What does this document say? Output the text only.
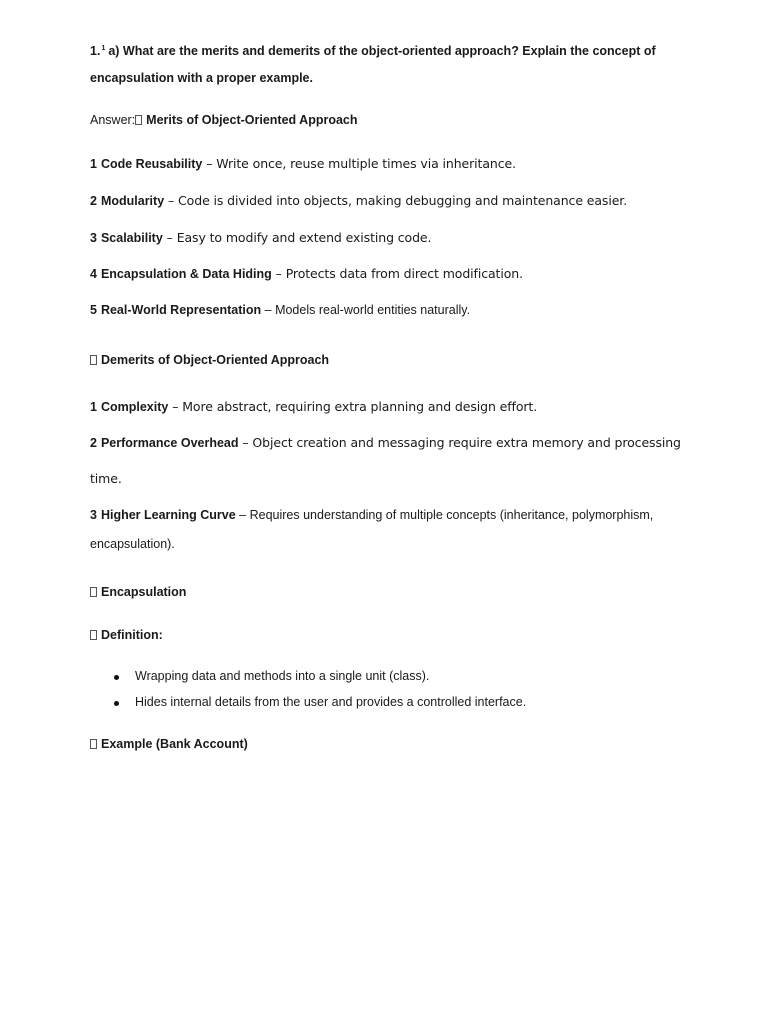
1.$^1$ a) What are the merits and demerits of the object-oriented approach? Explain the concept of
encapsulation with a proper example.
Answer: Merits of Object-Oriented Approach
1 Code Reusability – Write once, reuse multiple times via inheritance.
2 Modularity – Code is divided into objects, making debugging and maintenance easier.
3 Scalability – Easy to modify and extend existing code.
4 Encapsulation & Data Hiding – Protects data from direct modification.
5 Real-World Representation – Models real-world entities naturally.
Demerits of Object-Oriented Approach
1 Complexity – More abstract, requiring extra planning and design effort.
2 Performance Overhead – Object creation and messaging require extra memory and processing
time.
3 Higher Learning Curve – Requires understanding of multiple concepts (inheritance, polymorphism,
encapsulation).
Encapsulation
Definition:
Wrapping data and methods into a single unit (class).
Hides internal details from the user and provides a controlled interface.
Example (Bank Account)
